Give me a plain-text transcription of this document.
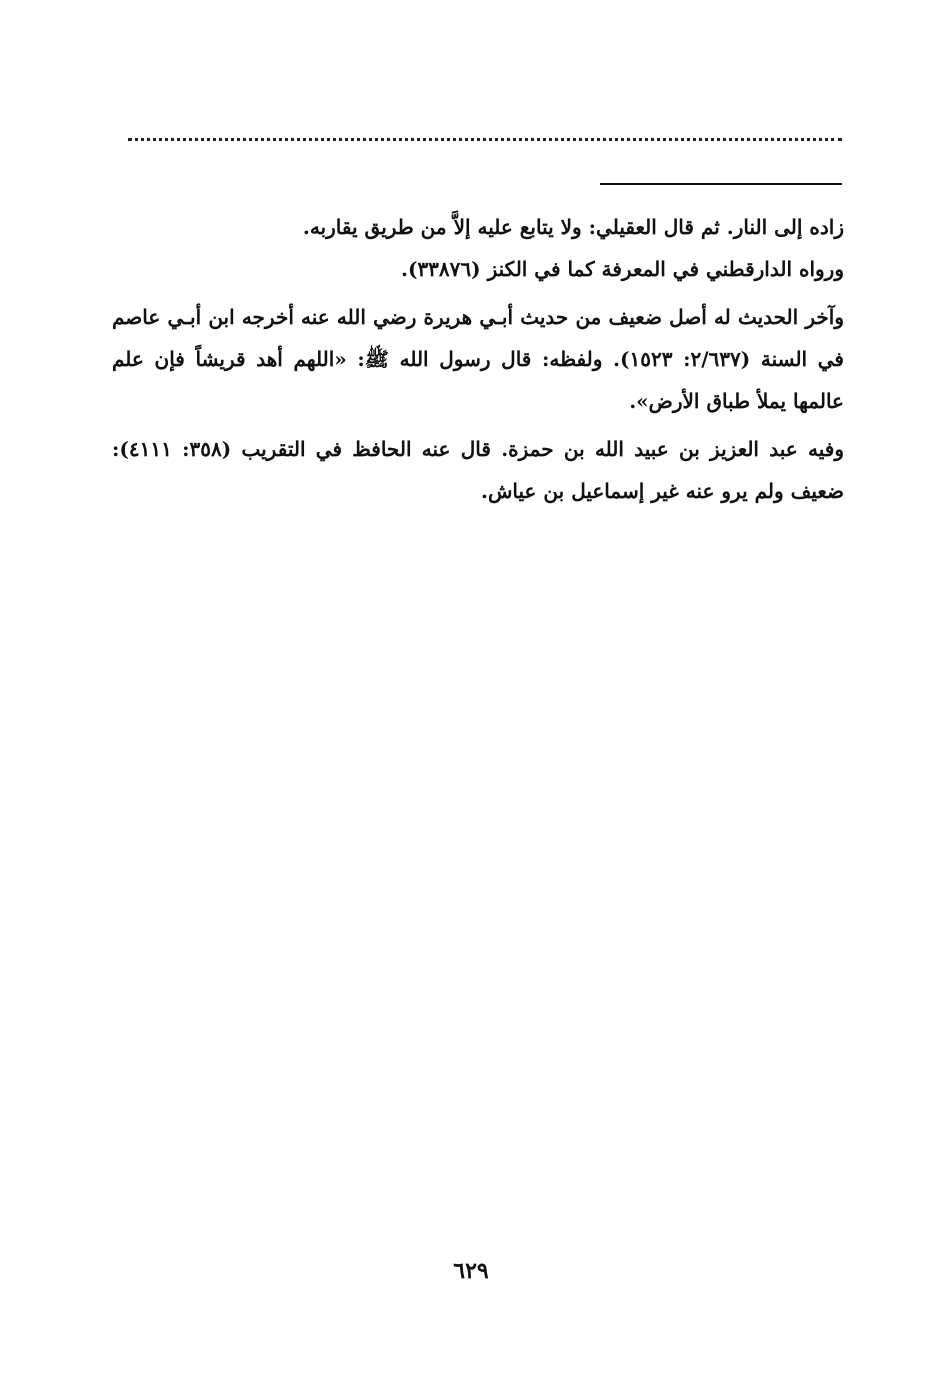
زاده إلى النار. ثم قال العقيلي: ولا يتابع عليه إلاَّ من طريق يقاربه.

ورواه الدارقطني في المعرفة كما في الكنز (٣٣٨٧٦).

وآخر الحديث له أصل ضعيف من حديث أبـي هريرة رضي الله عنه أخرجه ابن أبـي عاصم في السنة (٢/٦٣٧: ١٥٢٣). ولفظه: قال رسول الله ﷺ: «اللهم أهد قريشاً فإن علم عالمها يملأ طباق الأرض».

وفيه عبد العزيز بن عبيد الله بن حمزة. قال عنه الحافظ في التقريب (٣٥٨: ٤١١١): ضعيف ولم يرو عنه غير إسماعيل بن عياش.

٦٢٩
